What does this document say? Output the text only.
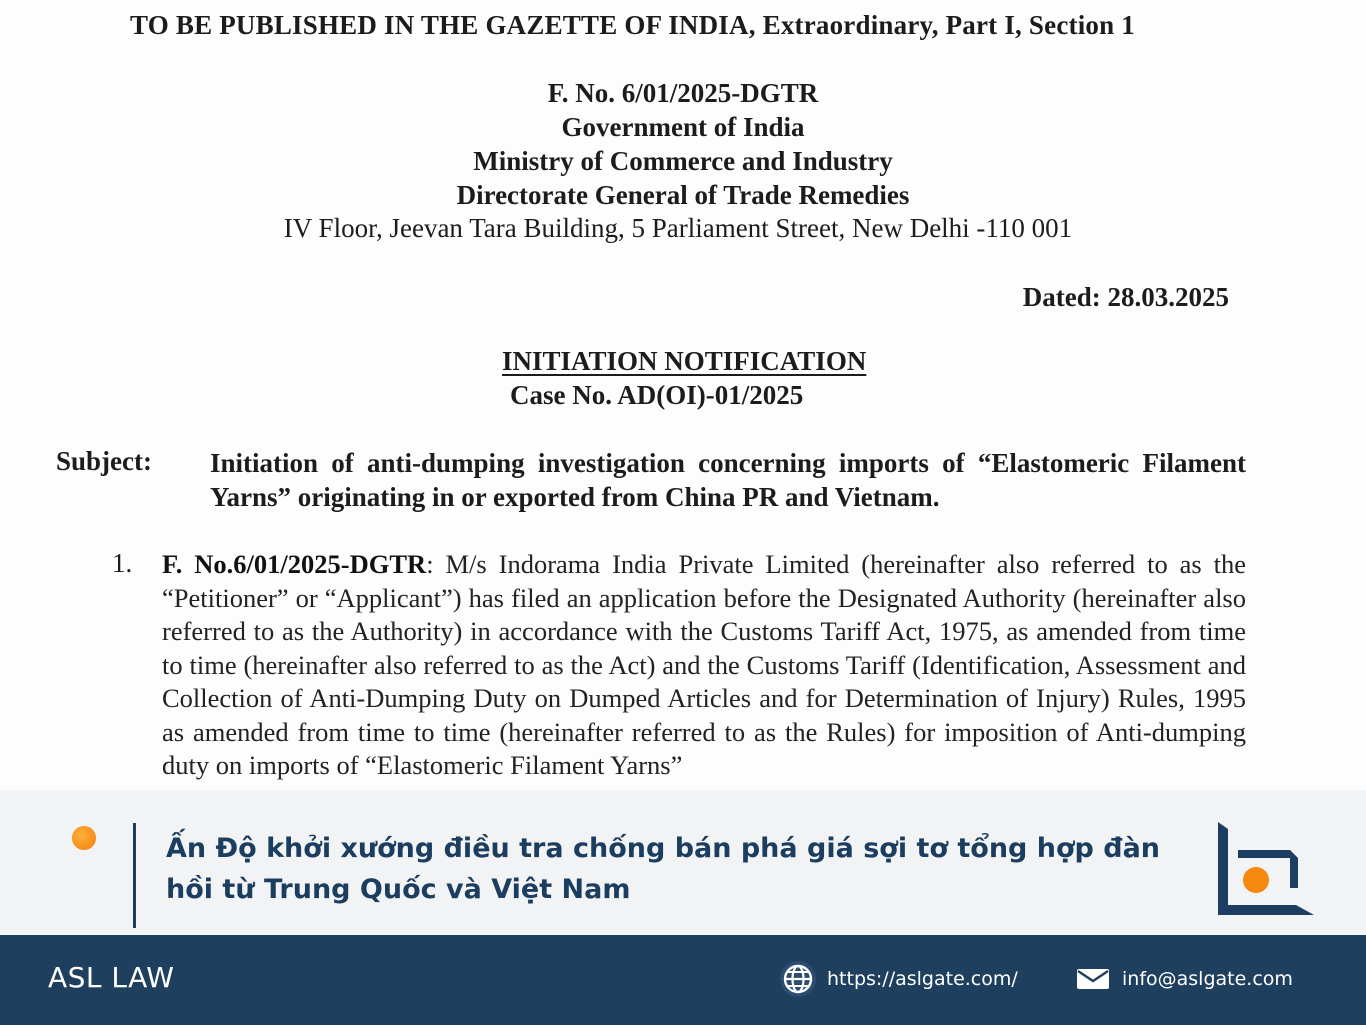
TO BE PUBLISHED IN THE GAZETTE OF INDIA, Extraordinary, Part I, Section 1
F. No. 6/01/2025-DGTR
Government of India
Ministry of Commerce and Industry
Directorate General of Trade Remedies
IV Floor, Jeevan Tara Building, 5 Parliament Street, New Delhi -110 001
Dated: 28.03.2025
INITIATION NOTIFICATION
Case No. AD(OI)-01/2025
Subject: Initiation of anti-dumping investigation concerning imports of “Elastomeric Filament Yarns” originating in or exported from China PR and Vietnam.
1. F. No.6/01/2025-DGTR: M/s Indorama India Private Limited (hereinafter also referred to as the “Petitioner” or “Applicant”) has filed an application before the Designated Authority (hereinafter also referred to as the Authority) in accordance with the Customs Tariff Act, 1975, as amended from time to time (hereinafter also referred to as the Act) and the Customs Tariff (Identification, Assessment and Collection of Anti-Dumping Duty on Dumped Articles and for Determination of Injury) Rules, 1995 as amended from time to time (hereinafter referred to as the Rules) for imposition of Anti-dumping duty on imports of “Elastomeric Filament Yarns”
Ấn Độ khởi xướng điều tra chống bán phá giá sợi tơ tổng hợp đàn hồi từ Trung Quốc và Việt Nam
ASL LAW	https://aslgate.com/	info@aslgate.com
